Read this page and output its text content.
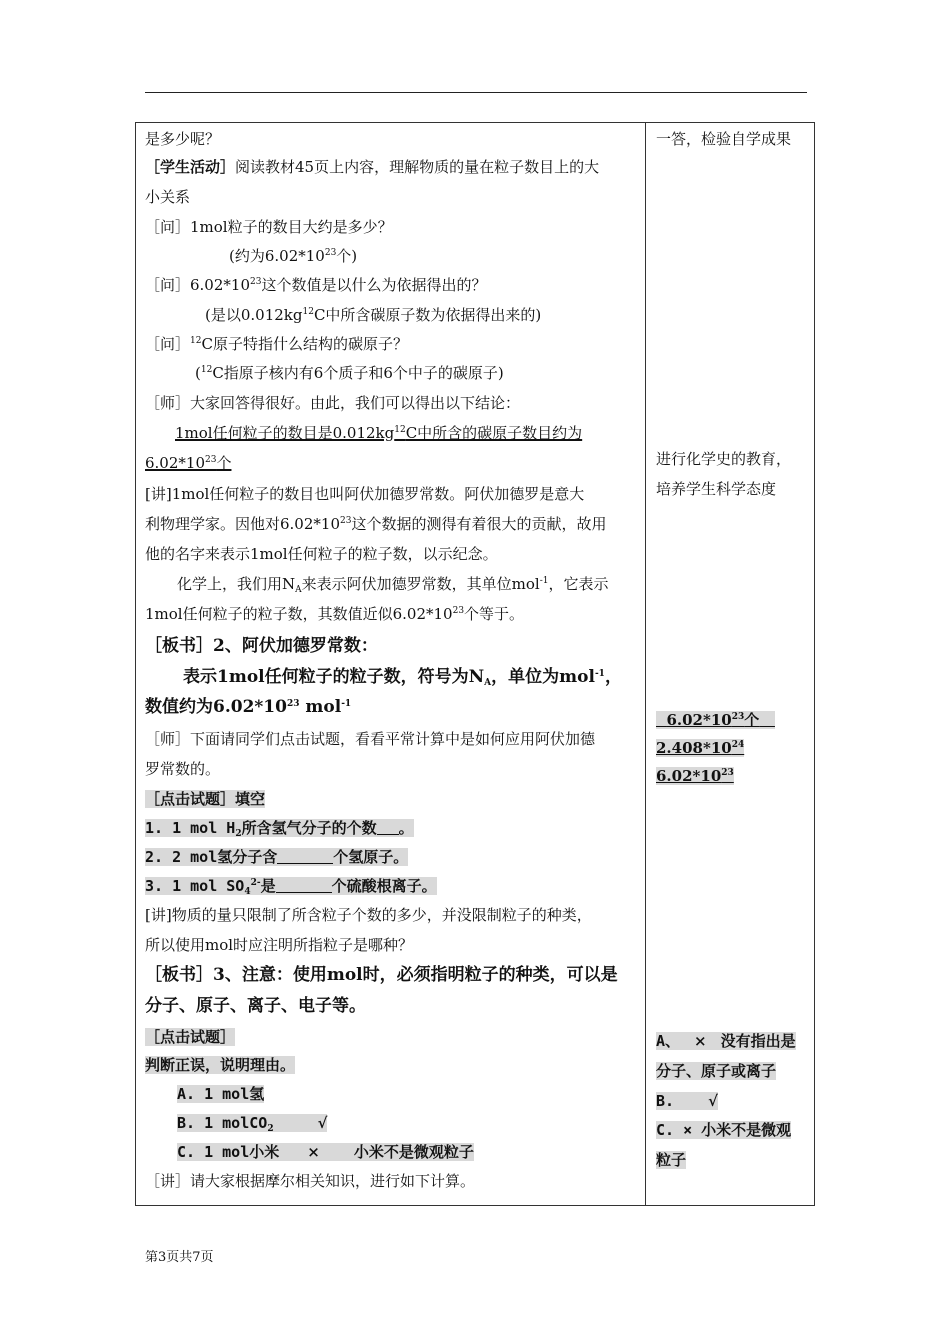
是多少呢？
［学生活动］阅读教材45页上内容，理解物质的量在粒子数目上的大
小关系
［问］1mol粒子的数目大约是多少？
(约为$6.02*10^{23}$个)
［问$]6.02*10^{23}$这个数值是以什么为依据得出的？
(是以$0.012kg^{12}C$中所含碳原子数为依据得出来的)
［问］$^{12}$C原子特指什么结构的碳原子？
($^{12}$C指原子核内有6个质子和6个中子的碳原子)
［师］大家回答得很好。由此，我们可以得出以下结论：
1mol任何粒子的数目是$0.012kg^{12}C$中所含的碳原子数目约为
$6.02*10^{23}$个
[讲]1mol任何粒子的数目也叫阿伏加德罗常数。阿伏加德罗是意大
利物理学家。因他对$6.02*10^{23}$这个数据的测得有着很大的贡献，故用
他的名字来表示1mol任何粒子的粒子数，以示纪念。
化学上，我们用$N_A$来表示阿伏加德罗常数，其单位mol$^{-1}$，它表示
1mol任何粒子的粒子数，其数值近似$6.02*10^{23}$个等于。
［板书］2、阿伏加德罗常数：
表示1mol任何粒子的粒子数，符号为$N_A$，单位为mol$^{-1}$，
数值约为$6.02*10^{23}$ mol$^{-1}$
［师］下面请同学们点击试题，看看平常计算中是如何应用阿伏加德
罗常数的。
［点击试题］填空
1. 1 mol $H_2$所含氢气分子的个数 。
2. 2 mol氢分子含	个氢原子。
3. 1 mol $SO_4^{2-}$是	个硫酸根离子。
[讲]物质的量只限制了所含粒子个数的多少，并没限制粒子的种类，
所以使用mol时应注明所指粒子是哪种？
［板书］3、注意：使用mol时，必须指明粒子的种类，可以是
分子、原子、离子、电子等。
［点击试题］
判断正误，说明理由。
A. 1 mol氢
B. 1 molCO$_2$	√
C. 1 mol小米 × 小米不是微观粒子
［讲］请大家根据摩尔相关知识，进行如下计算。
一答，检验自学成果
进行化学史的教育，
培养学生科学态度
$6.02*10^{23}$个
$2.408*10^{24}$
$6.02*10^{23}$
A、 × 没有指出是
分子、原子或离子
B. √
C. × 小米不是微观
粒子
第3页共7页
